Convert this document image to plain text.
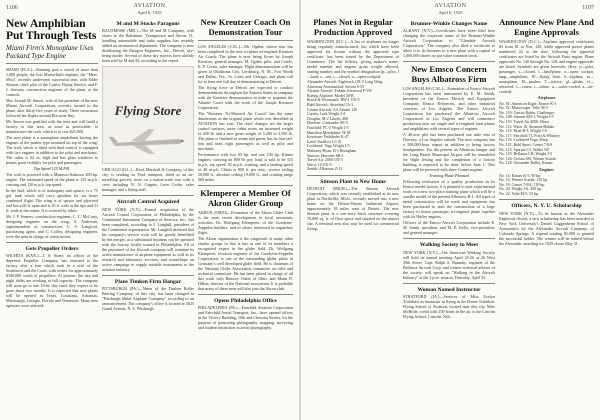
1106	AVIATION
April 6, 1929
New Amphibian Put Through Tests
Miami Firm's Monoplane Uses Packard Type Engine

MIAMI (FLA.)—Running past a crowd of more than 1,000 people, the first Miami-built airplane, the "Mias-Mou", recently underwent successful tests with Eddie Stinson, chief pilot of the Curtiss Flying Service, and F. J. Sessons, construction engineer of the plane, at the controls.

Mrs. Joseph M. Smoot, wife of the president of the new Miami Aircraft Corporation, recently turned to the plane, after thirty-five years of study. Three excursions followed her flights around Biscayne Bay.

Mr. Smoot was gratified with the tests and will build a factory in this area, as soon as practicable, to manufacture the craft, which is to cost $25,000.

The new plane is a monoplane amphibian, having the engines of the pusher type mounted on top of the wing. The craft, which is fitted with dual control, is equipped with two engines in addition to the pilot and mechanic. The cabin is 62 in. high and has glass windows to permit good visibility for pilot and passengers.

Top Speed 125 M.P.H.

The craft is powered with a Menasco-Salmson 200-hp. engine. The estimated speed of the plane is 125 m.p.h. cruising and 120 m.p.h. top speed.

In the hull, which is of mahogany and spruce, is a 75 gal. tank which will carry gasoline for six hours continued flight. The wing is of spruce and plywood and has a 60 ft. span and is 10 ft. wide at the tips and 11 ft. wide at the center. It is covered by fabric.

Mr. J. P. Somers, construction engineer; L. C. McCarty, designing engineer on the wing; A. Anderson, superintendent of construction; C. S. Langford, purchasing agent; and C. Coffey, designing engineer, were the men in charge of construction.

Gets Propeller Orders

WICHITA (KAN.)—J. S. Stone, an officer of the Supreme Propeller Company, has returned to the factory after a tour which took in a visit of the Southwest and the Coast, with orders for approximately $100,000 worth of propellers. At present, the day and night shifts are working at full capacity. The company will soon go to one 10-hr. day since they expect to be gone about two months. It is expected that new plants will be opened in Texas, Louisiana, Arkansas, Mississippi, Georgia, Florida and Tennessee. Many new agencies were selected.

M and M Stocks Paragons

BALTIMORE (MD.)—The M and M Company, with stores in the Baltimore, Youngstown and Akron, O., handling automobile and radio supplies, has recently added an aeronautical department. The company is now distributing the Paragon Engineers, Inc., Detroit, sky-being model. Several of these sky movers have already been sold by M and M, according to the report.

Flying Store

CHICAGO (ILL.)—Reid, Marshall & Company, of this city, is sending its Ford transport, fitted as an air-travelling grocery store on a nation-wide tour with a crew including N. N. Coppin, Leon Cooke, sales manager, and a flying staff.

Aircraft Control Acquired

NEW YORK (N.Y.)—Formal acquisition of the Aircraft Control Corporation, of Philadelphia, by the Continental Instrument Company of America, Inc., has been completed, according to J. Langhill, president of the Continental organization. Mr. Langhill declared that his company's service work will be greatly benefitted by the merger, as a substantial business can be operated with the factory locally trained in Philadelphia. All of the personnel of the Aircraft company will continue its active manufacture of airplane equipment as well as its research and laboratory services, and sound-hope an active campaign to supply suitable instruments to the aviation industry.

Plans Timken Firm Hangar

PITTSBURGH (PA.)—Name of the Timken Roller Bearing Company, of this city, has been changed to "Pittsburgh Metal Airplane Company" according to an announcement. The company's office is located at 3625 Grand Avenue, N. S. Pittsburgh.

New Kreutzer Coach On Demonstration Tour

LOS ANGELES (CAL.)—Mr. Ogden, whose tour has been completed in the new tri-plane tri-engined Kreutzer Air Coach. The plane is now being flown by Joseph Kreutzer, general manager, M. Ogden, pilot, and Conde, E. P. Corsis, sales manager. Flight demonstrations will be given at Oklahoma City, Lordsburg, N. M., Fort Worth and Dallas, Tex., St. Louis and Chicago, and plans call for at least one full day of demonstrating at Detroit.

The flying force at Detroit are expected to conduct demonstrations throughout the Eastern States in company with the Kreutzer demonstrators in order to acquaint the Atlantic Coast with the work of the Joseph Kreutzer Corporation.

The "Kreutzer Tri-Motored Air Coach" has the same dimensions as the original plane which was described in AVIATION last year. The chief changes are the larger control surfaces, more cabin room, an increased weight of 430 lb. and a new gross weight of 5,200 to 4,500 lb. The plane is finished in cream and green, has its four tail-fins and seats eight passengers as well as pilot and mechanic.

Performance with two 65 hp. and one 100 hp. Kinner engines, carrying an 800 lb. pay load, is said to be 115 m.p.h. top speed, 92 m.p.h. cruising, and a landing speed of 48 m.p.h. Climb is 900 ft. per min., service ceiling 20,000 ft., absolute ceiling 19,000 ft., and cruising range 560 miles.

Klemperer a Member Of Akron Glider Group

AKRON (OHIO)—Formation of the Akron Glider Club is the most recent development in local aeronautic activities. Dr. Wolfgang Klemperer, of the Goodyear-Zeppelin builders, and of others interested in engineless flight.

The Akron organization is the outgrowth of many other similar groups in that is has as one of its members a recognized expert in the glider field. Dr. Wolfgang Klemperer, research engineer of the Goodyear-Zeppelin Corporation, is one of the outstanding glider pilots in Germany's well developed glider field. He is chairman of the National Glider Association committee on rules and technical committee. He has been placed in charge of all this work with Ramsey Oakes of Ohio, and Mann D. Dillon, director of the National association. It is probable that many of these men will also join the Akron club.

Opens Philadelphia Office

PHILADELPHIA (PA.)—Fairchild Aviation Corporation and Fairchild Aerial Transport, Inc., have opened offices in the Victory Building, 10th and Chestnut Streets, for the purpose of promoting photography, mapping, surveying and student instruction in aerial photography.

AVIATION
April 6, 1929
1107
Planes Not in Regular Production Approved

WASHINGTON (D.C.)—A list of airplanes no longer being regularly manufactured, but which have been approved for license without the approved type certificate, has been issued by the Department of Commerce. The list follows, giving maker's name, model number and engine, gross weight allowed, seating number, and the symbol designation (p—pilot, l—land, s—sea, c—closed, o—open cockpit):

Alexander Aircraft: Eaglerock OX-5 Long Wing
American Aeronautical: Savoia S-55
Atlantic Aircraft: Fokker Universal F-VII
Boeing Airplane: Model 40-B
Brock & Weymouth: BW-1 OX-5
Buhl Aircraft: Airsedan CA-3
Cessna Aircraft: AA Anzani 120
Curtiss: Lark Wright J-4
Douglas: M-2 Liberty 400
Eberhart: Comanche SE-5
Fairchild: FC-2 Wright J-5
Hamilton Metalplane: H-18
Keystone: Pathfinder K-47
Laird: Swallow LC-B
Lockheed: Vega Wright J-5
Mahoney-Ryan: B-1 Brougham
Stinson: Detroiter SB-1
Travel Air: 2000 OX-5
Waco: 10 OX-5
Zenith: Albatross Z-12
Stinson Plant to New Home

DETROIT (MICH.)—The Stinson Aircraft Corporation, which was recently established at its new plant at Northville, Mich., recently moved into a new home on the Detroit-Wayne Industrial Airport, approximately 18 miles west of Detroit. The new Stinson plant is a one-story brick structure covering 70,000 sq. ft. of floor space and situated on the airport site. A terminal area also may be used for commercial flying.

Brunner-Winkle Changes Name

ALBANY (N.Y.)—Certificates have been filed here changing the corporate name of the Brunner-Winkle Aircraft Corporation to "Glendale Aircraft Corporation." The company also filed a certificate to allow it to do business in a new plant with a capital of 1,000,000 shares no par value common stock.

New Emsco Concern Buys Albatross Firm

LOS ANGELES (CAL.)—Formation of Emsco Aircraft Corporation has been announced by E. M. Smith, president of the Emsco Derrick and Equipment Company, Emsco Refineries, and other industrial concerns of Los Angeles. The Emsco Aircraft Corporation has purchased the Albatross Aircraft Corporation of Los Angeles and will commence production now on single and tri-engined land planes and amphibians with several types of engines.

A 40-acre plot has been purchased one mile east of Downey, a Los Angeles suburb. The new company has a 500,000-hour airport in addition to being factory headquarters. For the present an Albatross hangar and the Long Beach Municipal Airport will be remodeled for flight testing and the completion of a factory building is expected to be done before June 1. This plane will be powered with three Comet engines.

Training Plane Planned

Following institution of a quality production in its Emsco model factory, it is planned to start experimental work on a new two-place training plane which will be a smaller model of the present Albatross B-1. All types of metal construction will be used, and equipment has been purchased to start the construction of a large factory to house passenger, tri-engined plane together with its Harley engines.

Officers of the Emsco Aircraft Corporation include E. M. Smith, president, and M. E. Kelly, vice-president, and general manager.

Walking Society to Meet

NEW YORK (N.Y.)—The American Walking Society will hold its annual meeting April 25-26 at 26 West 39th Street. Capt. Ralph S. Barnaby, engineer of the Bellanca Aircraft Corp. and former technical adviser of the society, will speak on "Walking in the Aircraft Industry" at the 2 p.m. session, Thursday, April 25.

Woman Named Instructor

STRATFORD (IA.)—Services of Miss Evelyn Trubshaw as instructor in flying in the Doane Trubshaw Flying School of Aviation, located near this city. Miss McBride, credit with 250 hours in the air, is the Lincoln Flying School, Lincoln, Neb.

Announce New Plane And Engine Approvals

WASHINGTON (D.C.)—Airplane approval certificates 83 from 81 to Nos. 128, while approved power plants numbered 22 to the date, following the approval certificates are listed by the Aircraft Parts engine. Plane approvals No. 140 through No. 128, and engine approvals are listed. Symbols are given herewith: (Key: p—pilot, passenger, s—closed, l—land/plane, o—open cockpit, amp—amphibian, W—flying boat, S—biplane, m—monoplane, El—pusher, T—tractor, gl—glider, rf—retracted, c—cruise, i—inline, w—water-cooled, a—air-cooled):

Airplanes
No. 81: American Eagle, Kinner K-5
No. 92: Monocoupe, Velie M-5
No. 103: Curtiss Robin, Challenger
No. 108: Stinson SM-1, Wright J-5
No. 110: Travel Air 4000, Hisso
No. 112: Waco 10, Siemens-Halske
No. 115: Ryan B-5, Wright J-6
No. 117: Fairchild 71, Pratt & Whitney
No. 119: Lockheed Vega, Wasp
No. 121: Buhl Sport, Comet 7-RA
No. 123: Spartan C3, Walter NZ
No. 125: Bellanca CH, Wright J-5
No. 126: Cessna AW, Warner Scarab
No. 128: Alexander Bullet, Kinner
Engines
No. 14: Kinner K-5, 90 hp.
No. 16: Warner Scarab, 110 hp.
No. 18: Comet 7-RA, 130 hp.
No. 20: Wright J-6, 300 hp.
No. 22: Velie M-5, 55 hp.
Officers, N. Y. U. Scholarship

NEW YORK (N.Y.)—To be known as the Alexander Eaglerock Award, a new scholarship has been awarded to New York University's Daniel Guggenheim School of Aeronautics by the Alexander Aircraft Company, of Colorado Springs. A stipend totaling $1,000 is granted the successful holder. The winner will be named before the Alexander awarding for 1929 closes May 31.
